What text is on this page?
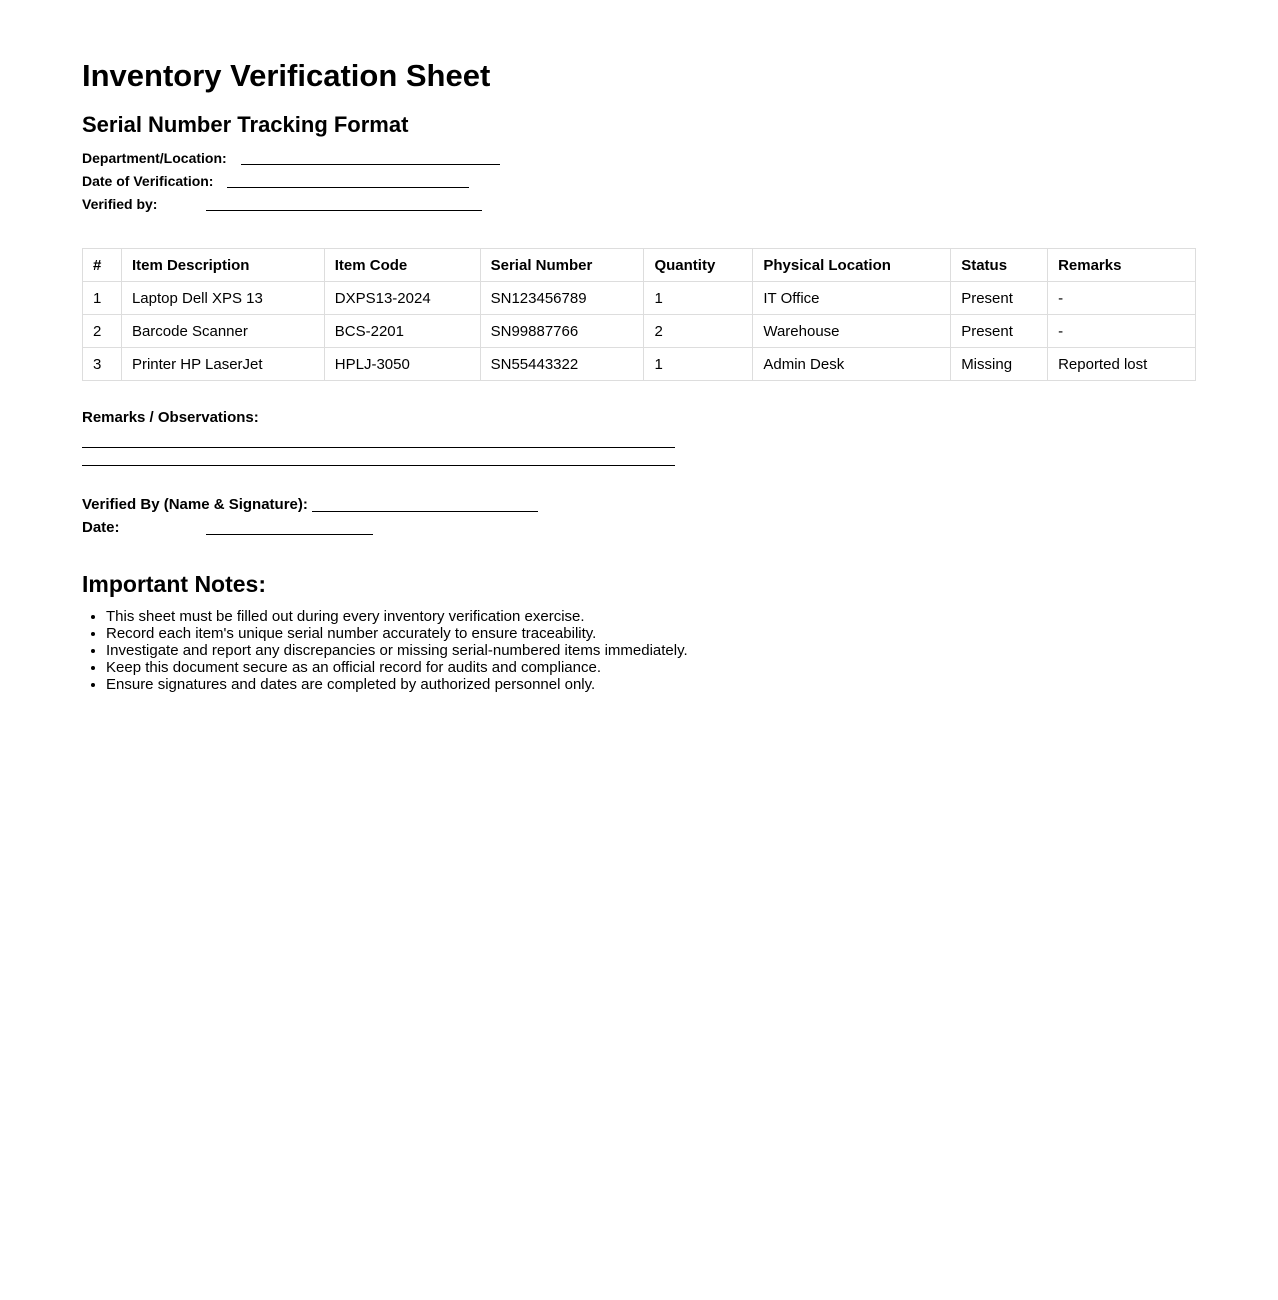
Inventory Verification Sheet
Serial Number Tracking Format
Department/Location:
Date of Verification:
Verified by:
#	Item Description	Item Code	Serial Number	Quantity	Physical Location	Status	Remarks
1	Laptop Dell XPS 13	DXPS13-2024	SN123456789	1	IT Office	Present	-
2	Barcode Scanner	BCS-2201	SN99887766	2	Warehouse	Present	-
3	Printer HP LaserJet	HPLJ-3050	SN55443322	1	Admin Desk	Missing	Reported lost
Remarks / Observations:
Verified By (Name & Signature):
Date:
Important Notes:
• This sheet must be filled out during every inventory verification exercise.
• Record each item's unique serial number accurately to ensure traceability.
• Investigate and report any discrepancies or missing serial-numbered items immediately.
• Keep this document secure as an official record for audits and compliance.
• Ensure signatures and dates are completed by authorized personnel only.
